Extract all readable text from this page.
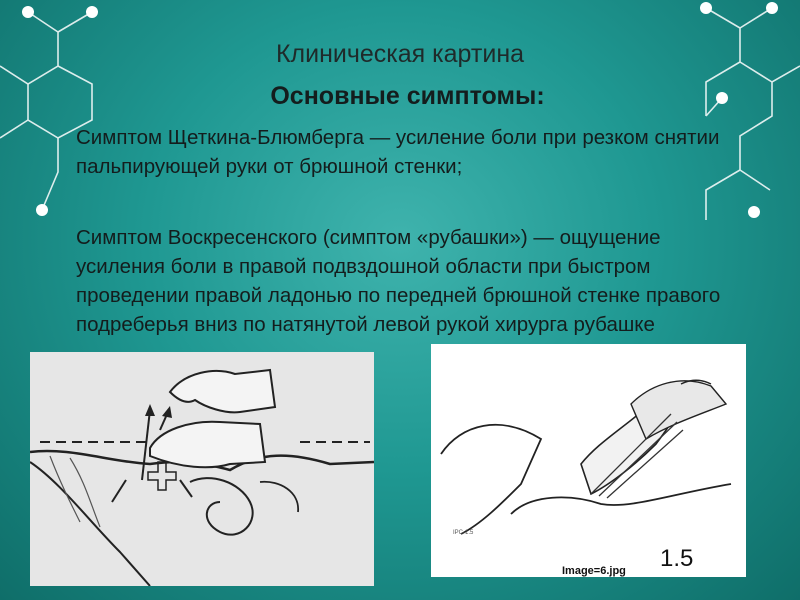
Клиническая картина
Основные симптомы:

Симптом Щеткина-Блюмберга — усиление боли при резком снятии пальпирующей руки от брюшной стенки;

Симптом Воскресенского (симптом «рубашки») — ощущение усиления боли в правой подвздошной области при быстром проведении правой ладонью по передней брюшной стенке правого подреберья вниз по натянутой левой рукой хирурга рубашке

IPC-1.5
Image=6.jpg 1.5
